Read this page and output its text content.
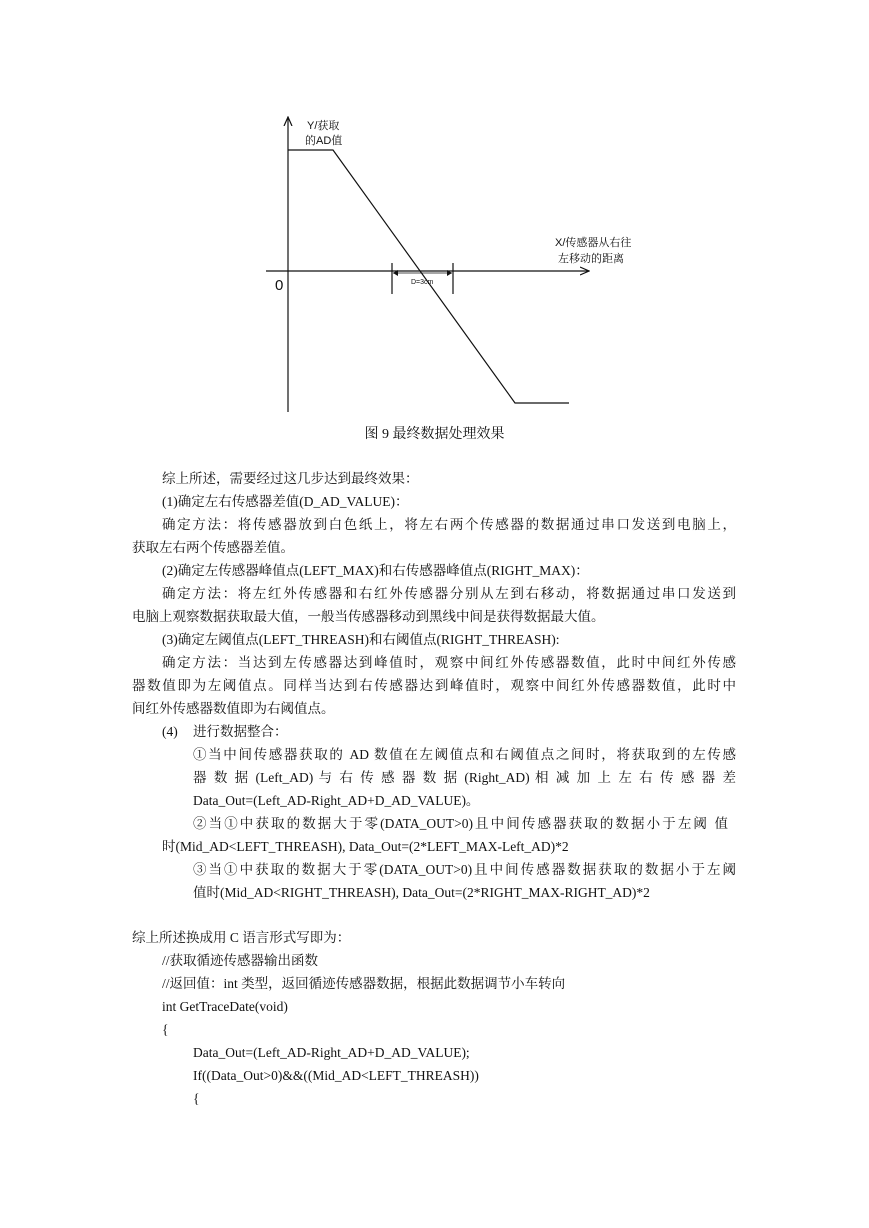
D=3cm
Y/获取
的AD值
X/传感器从右往
左移动的距离
0
图 9 最终数据处理效果
综上所述，需要经过这几步达到最终效果：
(1)确定左右传感器差值(D_AD_VALUE)：
确定方法：将传感器放到白色纸上，将左右两个传感器的数据通过串口发送到电脑上，
获取左右两个传感器差值。
(2)确定左传感器峰值点(LEFT_MAX)和右传感器峰值点(RIGHT_MAX)：
确定方法：将左红外传感器和右红外传感器分别从左到右移动，将数据通过串口发送到
电脑上观察数据获取最大值，一般当传感器移动到黑线中间是获得数据最大值。
(3)确定左阈值点(LEFT_THREASH)和右阈值点(RIGHT_THREASH):
确定方法：当达到左传感器达到峰值时，观察中间红外传感器数值，此时中间红外传感
器数值即为左阈值点。同样当达到右传感器达到峰值时，观察中间红外传感器数值，此时中
间红外传感器数值即为右阈值点。
(4) 进行数据整合：
①当中间传感器获取的 AD 数值在左阈值点和右阈值点之间时，将获取到的左传感
器 数 据 (Left_AD) 与 右 传 感 器 数 据 (Right_AD) 相 减 加 上 左 右 传 感 器 差
Data_Out=(Left_AD-Right_AD+D_AD_VALUE)。
②当①中获取的数据大于零(DATA_OUT>0)且中间传感器获取的数据小于左阈 值
时(Mid_AD<LEFT_THREASH), Data_Out=(2*LEFT_MAX-Left_AD)*2
③当①中获取的数据大于零(DATA_OUT>0)且中间传感器数据获取的数据小于左阈
值时(Mid_AD<RIGHT_THREASH), Data_Out=(2*RIGHT_MAX-RIGHT_AD)*2
综上所述换成用 C 语言形式写即为：
//获取循迹传感器输出函数
//返回值：int 类型，返回循迹传感器数据，根据此数据调节小车转向
int GetTraceDate(void)
{
Data_Out=(Left_AD-Right_AD+D_AD_VALUE);
If((Data_Out>0)&&((Mid_AD<LEFT_THREASH))
{
